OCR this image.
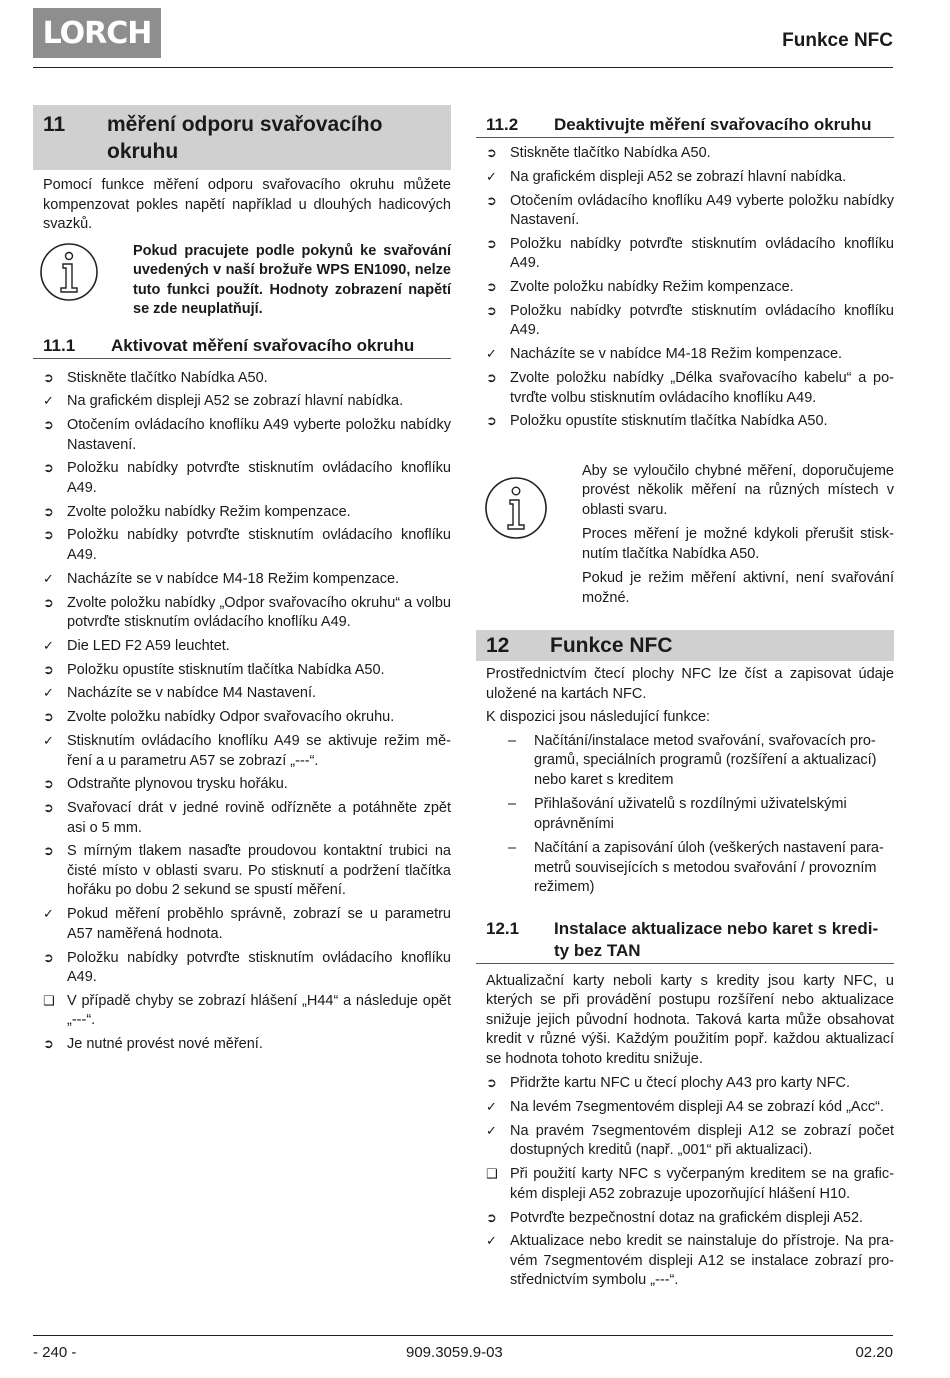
LORCH	Funkce NFC
11	měření odporu svařovacího okruhu

Pomocí funkce měření odporu svařovacího okruhu můžete kompenzovat pokles napětí například u dlouhých hadicových svazků.

Pokud pracujete podle pokynů ke svařování uvedených v naší brožuře WPS EN1090, nelze tuto funkci použít. Hodnoty zobrazení napětí se zde neuplatňují.

11.1	Aktivovat měření svařovacího okruhu
➲ Stiskněte tlačítko Nabídka A50.
✓ Na grafickém displeji A52 se zobrazí hlavní nabídka.
➲ Otočením ovládacího knoflíku A49 vyberte položku nabídky Nastavení.
➲ Položku nabídky potvrďte stisknutím ovládacího knoflíku A49.
➲ Zvolte položku nabídky Režim kompenzace.
➲ Položku nabídky potvrďte stisknutím ovládacího knoflíku A49.
✓ Nacházíte se v nabídce M4-18 Režim kompenzace.
➲ Zvolte položku nabídky „Odpor svařovacího okruhu“ a volbu potvrďte stisknutím ovládacího knoflíku A49.
✓ Die LED F2 A59 leuchtet.
➲ Položku opustíte stisknutím tlačítka Nabídka A50.
✓ Nacházíte se v nabídce M4 Nastavení.
➲ Zvolte položku nabídky Odpor svařovacího okruhu.
✓ Stisknutím ovládacího knoflíku A49 se aktivuje režim měření a u parametru A57 se zobrazí „---“.
➲ Odstraňte plynovou trysku hořáku.
➲ Svařovací drát v jedné rovině odřízněte a potáhněte zpět asi o 5 mm.
➲ S mírným tlakem nasaďte proudovou kontaktní trubici na čisté místo v oblasti svaru. Po stisknutí a podržení tlačítka hořáku po dobu 2 sekund se spustí měření.
✓ Pokud měření proběhlo správně, zobrazí se u parametru A57 naměřená hodnota.
➲ Položku nabídky potvrďte stisknutím ovládacího knoflíku A49.
❑ V případě chyby se zobrazí hlášení „H44“ a následuje opět „---“.
➲ Je nutné provést nové měření.
11.2	Deaktivujte měření svařovacího okruhu
➲ Stiskněte tlačítko Nabídka A50.
✓ Na grafickém displeji A52 se zobrazí hlavní nabídka.
➲ Otočením ovládacího knoflíku A49 vyberte položku nabídky Nastavení.
➲ Položku nabídky potvrďte stisknutím ovládacího knoflíku A49.
➲ Zvolte položku nabídky Režim kompenzace.
➲ Položku nabídky potvrďte stisknutím ovládacího knoflíku A49.
✓ Nacházíte se v nabídce M4-18 Režim kompenzace.
➲ Zvolte položku nabídky „Délka svařovacího kabelu“ a potvrďte volbu stisknutím ovládacího knoflíku A49.
➲ Položku opustíte stisknutím tlačítka Nabídka A50.

Aby se vyloučilo chybné měření, doporučujeme provést několik měření na různých místech v oblasti svaru.

Proces měření je možné kdykoli přerušit stisknutím tlačítka Nabídka A50.

Pokud je režim měření aktivní, není svařování možné.

12	Funkce NFC

Prostřednictvím čtecí plochy NFC lze číst a zapisovat údaje uložené na kartách NFC.

K dispozici jsou následující funkce:

–	Načítání/instalace metod svařování, svařovacích programů, speciálních programů (rozšíření a aktualizací) nebo karet s kreditem
–	Přihlašování uživatelů s rozdílnými uživatelskými oprávněními
–	Načítání a zapisování úloh (veškerých nastavení parametrů souvisejících s metodou svařování / provozním režimem)
12.1	Instalace aktualizace nebo karet s kredity bez TAN

Aktualizační karty neboli karty s kredity jsou karty NFC, u kterých se při provádění postupu rozšíření nebo aktualizace snižuje jejich původní hodnota. Taková karta může obsahovat kredit v různé výši. Každým použitím popř. každou aktualizací se hodnota tohoto kreditu snižuje.

➲ Přidržte kartu NFC u čtecí plochy A43 pro karty NFC.
✓ Na levém 7segmentovém displeji A4 se zobrazí kód „Acc“.
✓ Na pravém 7segmentovém displeji A12 se zobrazí počet dostupných kreditů (např. „001“ při aktualizaci).
❑ Při použití karty NFC s vyčerpaným kreditem se na grafickém displeji A52 zobrazuje upozorňující hlášení H10.
➲ Potvrďte bezpečnostní dotaz na grafickém displeji A52.
✓ Aktualizace nebo kredit se nainstaluje do přístroje. Na pravém 7segmentovém displeji A12 se instalace zobrazí prostřednictvím symbolu „---“.
- 240 -	909.3059.9-03	02.20
